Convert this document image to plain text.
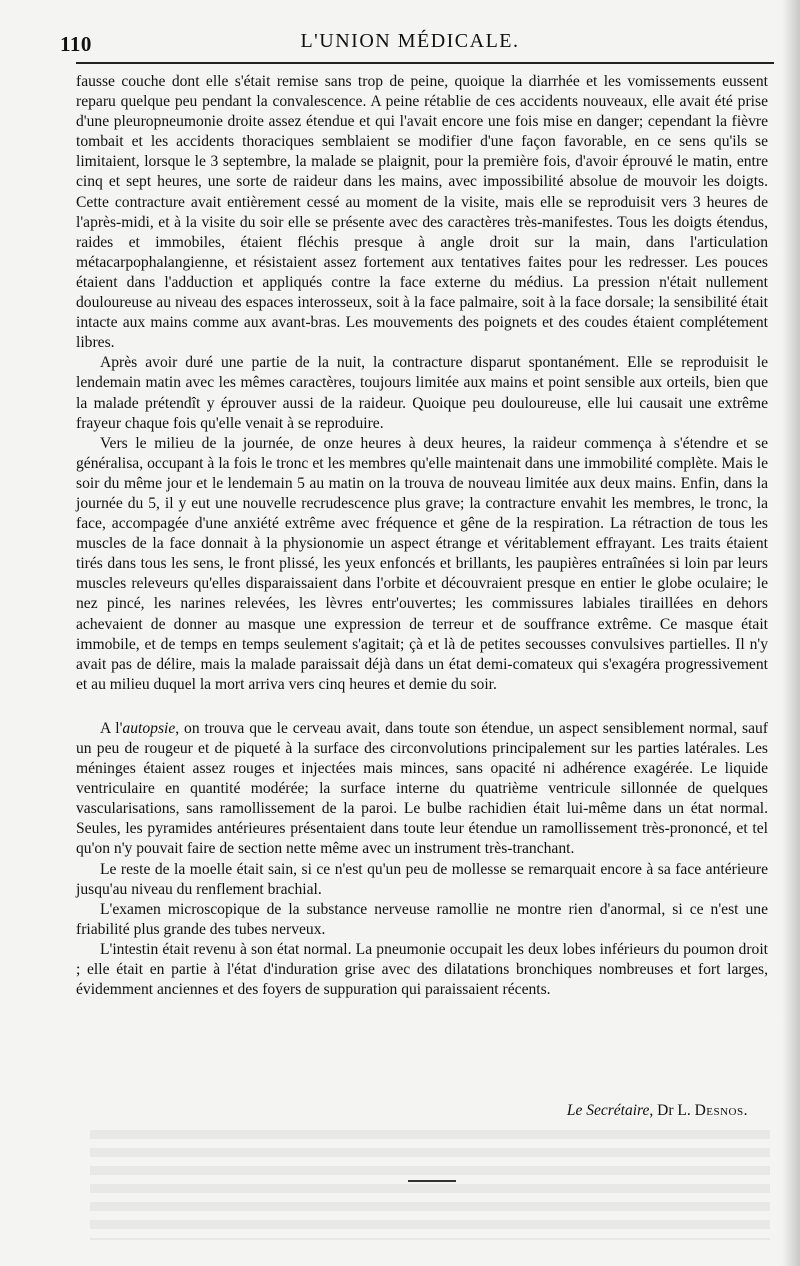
110	L'UNION MÉDICALE.

fausse couche dont elle s'était remise sans trop de peine, quoique la diarrhée et les vomissements eussent reparu quelque peu pendant la convalescence. A peine rétablie de ces accidents nouveaux, elle avait été prise d'une pleuropneumonie droite assez étendue et qui l'avait encore une fois mise en danger; cependant la fièvre tombait et les accidents thoraciques semblaient se modifier d'une façon favorable, en ce sens qu'ils se limitaient, lorsque le 3 septembre, la malade se plaignit, pour la première fois, d'avoir éprouvé le matin, entre cinq et sept heures, une sorte de raideur dans les mains, avec impossibilité absolue de mouvoir les doigts. Cette contracture avait entièrement cessé au moment de la visite, mais elle se reproduisit vers 3 heures de l'après-midi, et à la visite du soir elle se présente avec des caractères très-manifestes. Tous les doigts étendus, raides et immobiles, étaient fléchis presque à angle droit sur la main, dans l'articulation métacarpophalangienne, et résistaient assez fortement aux tentatives faites pour les redresser. Les pouces étaient dans l'adduction et appliqués contre la face externe du médius. La pression n'était nullement douloureuse au niveau des espaces interosseux, soit à la face palmaire, soit à la face dorsale; la sensibilité était intacte aux mains comme aux avant-bras. Les mouvements des poignets et des coudes étaient complétement libres.

Après avoir duré une partie de la nuit, la contracture disparut spontanément. Elle se reproduisit le lendemain matin avec les mêmes caractères, toujours limitée aux mains et point sensible aux orteils, bien que la malade prétendît y éprouver aussi de la raideur. Quoique peu douloureuse, elle lui causait une extrême frayeur chaque fois qu'elle venait à se reproduire.

Vers le milieu de la journée, de onze heures à deux heures, la raideur commença à s'étendre et se généralisa, occupant à la fois le tronc et les membres qu'elle maintenait dans une immobilité complète. Mais le soir du même jour et le lendemain 5 au matin on la trouva de nouveau limitée aux deux mains. Enfin, dans la journée du 5, il y eut une nouvelle recrudescence plus grave; la contracture envahit les membres, le tronc, la face, accompagée d'une anxiété extrême avec fréquence et gêne de la respiration. La rétraction de tous les muscles de la face donnait à la physionomie un aspect étrange et véritablement effrayant. Les traits étaient tirés dans tous les sens, le front plissé, les yeux enfoncés et brillants, les paupières entraînées si loin par leurs muscles releveurs qu'elles disparaissaient dans l'orbite et découvraient presque en entier le globe oculaire; le nez pincé, les narines relevées, les lèvres entr'ouvertes; les commissures labiales tiraillées en dehors achevaient de donner au masque une expression de terreur et de souffrance extrême. Ce masque était immobile, et de temps en temps seulement s'agitait; çà et là de petites secousses convulsives partielles. Il n'y avait pas de délire, mais la malade paraissait déjà dans un état demi-comateux qui s'exagéra progressivement et au milieu duquel la mort arriva vers cinq heures et demie du soir.

A l'autopsie, on trouva que le cerveau avait, dans toute son étendue, un aspect sensiblement normal, sauf un peu de rougeur et de piqueté à la surface des circonvolutions principalement sur les parties latérales. Les méninges étaient assez rouges et injectées mais minces, sans opacité ni adhérence exagérée. Le liquide ventriculaire en quantité modérée; la surface interne du quatrième ventricule sillonnée de quelques vascularisations, sans ramollissement de la paroi. Le bulbe rachidien était lui-même dans un état normal. Seules, les pyramides antérieures présentaient dans toute leur étendue un ramollissement très-prononcé, et tel qu'on n'y pouvait faire de section nette même avec un instrument très-tranchant.

Le reste de la moelle était sain, si ce n'est qu'un peu de mollesse se remarquait encore à sa face antérieure jusqu'au niveau du renflement brachial.

L'examen microscopique de la substance nerveuse ramollie ne montre rien d'anormal, si ce n'est une friabilité plus grande des tubes nerveux.

L'intestin était revenu à son état normal. La pneumonie occupait les deux lobes inférieurs du poumon droit ; elle était en partie à l'état d'induration grise avec des dilatations bronchiques nombreuses et fort larges, évidemment anciennes et des foyers de suppuration qui paraissaient récents.

Le Secrétaire, Dr L. Desnos.
